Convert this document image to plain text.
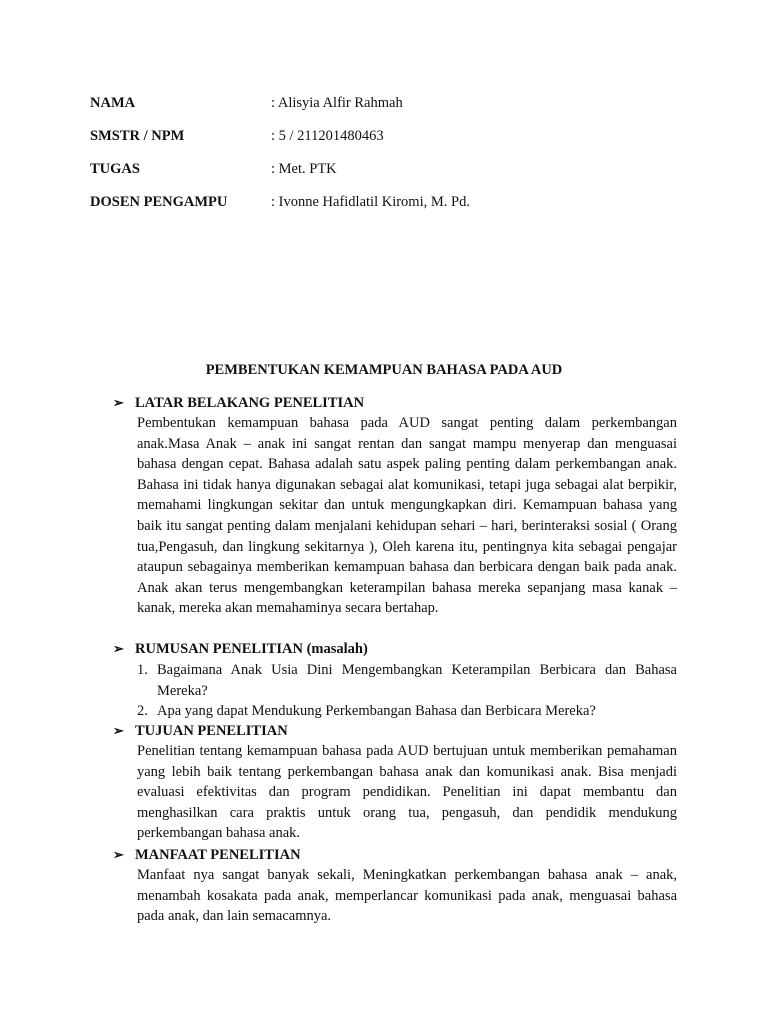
NAMA	: Alisyia Alfir Rahmah
SMSTR / NPM	: 5 / 211201480463
TUGAS	: Met. PTK
DOSEN PENGAMPU	: Ivonne Hafidlatil Kiromi, M. Pd.
PEMBENTUKAN KEMAMPUAN BAHASA PADA AUD
➢ LATAR BELAKANG PENELITIAN

Pembentukan kemampuan bahasa pada AUD sangat penting dalam perkembangan anak.Masa Anak – anak ini sangat rentan dan sangat mampu menyerap dan menguasai bahasa dengan cepat. Bahasa adalah satu aspek paling penting dalam perkembangan anak. Bahasa ini tidak hanya digunakan sebagai alat komunikasi, tetapi juga sebagai alat berpikir, memahami lingkungan sekitar dan untuk mengungkapkan diri. Kemampuan bahasa yang baik itu sangat penting dalam menjalani kehidupan sehari – hari, berinteraksi sosial ( Orang tua,Pengasuh, dan lingkung sekitarnya ), Oleh karena itu, pentingnya kita sebagai pengajar ataupun sebagainya memberikan kemampuan bahasa dan berbicara dengan baik pada anak. Anak akan terus mengembangkan keterampilan bahasa mereka sepanjang masa kanak – kanak, mereka akan memahaminya secara bertahap.

➢ RUMUSAN PENELITIAN (masalah)
1. Bagaimana Anak Usia Dini Mengembangkan Keterampilan Berbicara dan Bahasa Mereka?
2. Apa yang dapat Mendukung Perkembangan Bahasa dan Berbicara Mereka?
➢ TUJUAN PENELITIAN

Penelitian tentang kemampuan bahasa pada AUD bertujuan untuk memberikan pemahaman yang lebih baik tentang perkembangan bahasa anak dan komunikasi anak. Bisa menjadi evaluasi efektivitas dan program pendidikan. Penelitian ini dapat membantu dan menghasilkan cara praktis untuk orang tua, pengasuh, dan pendidik mendukung perkembangan bahasa anak.

➢ MANFAAT PENELITIAN

Manfaat nya sangat banyak sekali, Meningkatkan perkembangan bahasa anak – anak, menambah kosakata pada anak, memperlancar komunikasi pada anak, menguasai bahasa pada anak, dan lain semacamnya.
